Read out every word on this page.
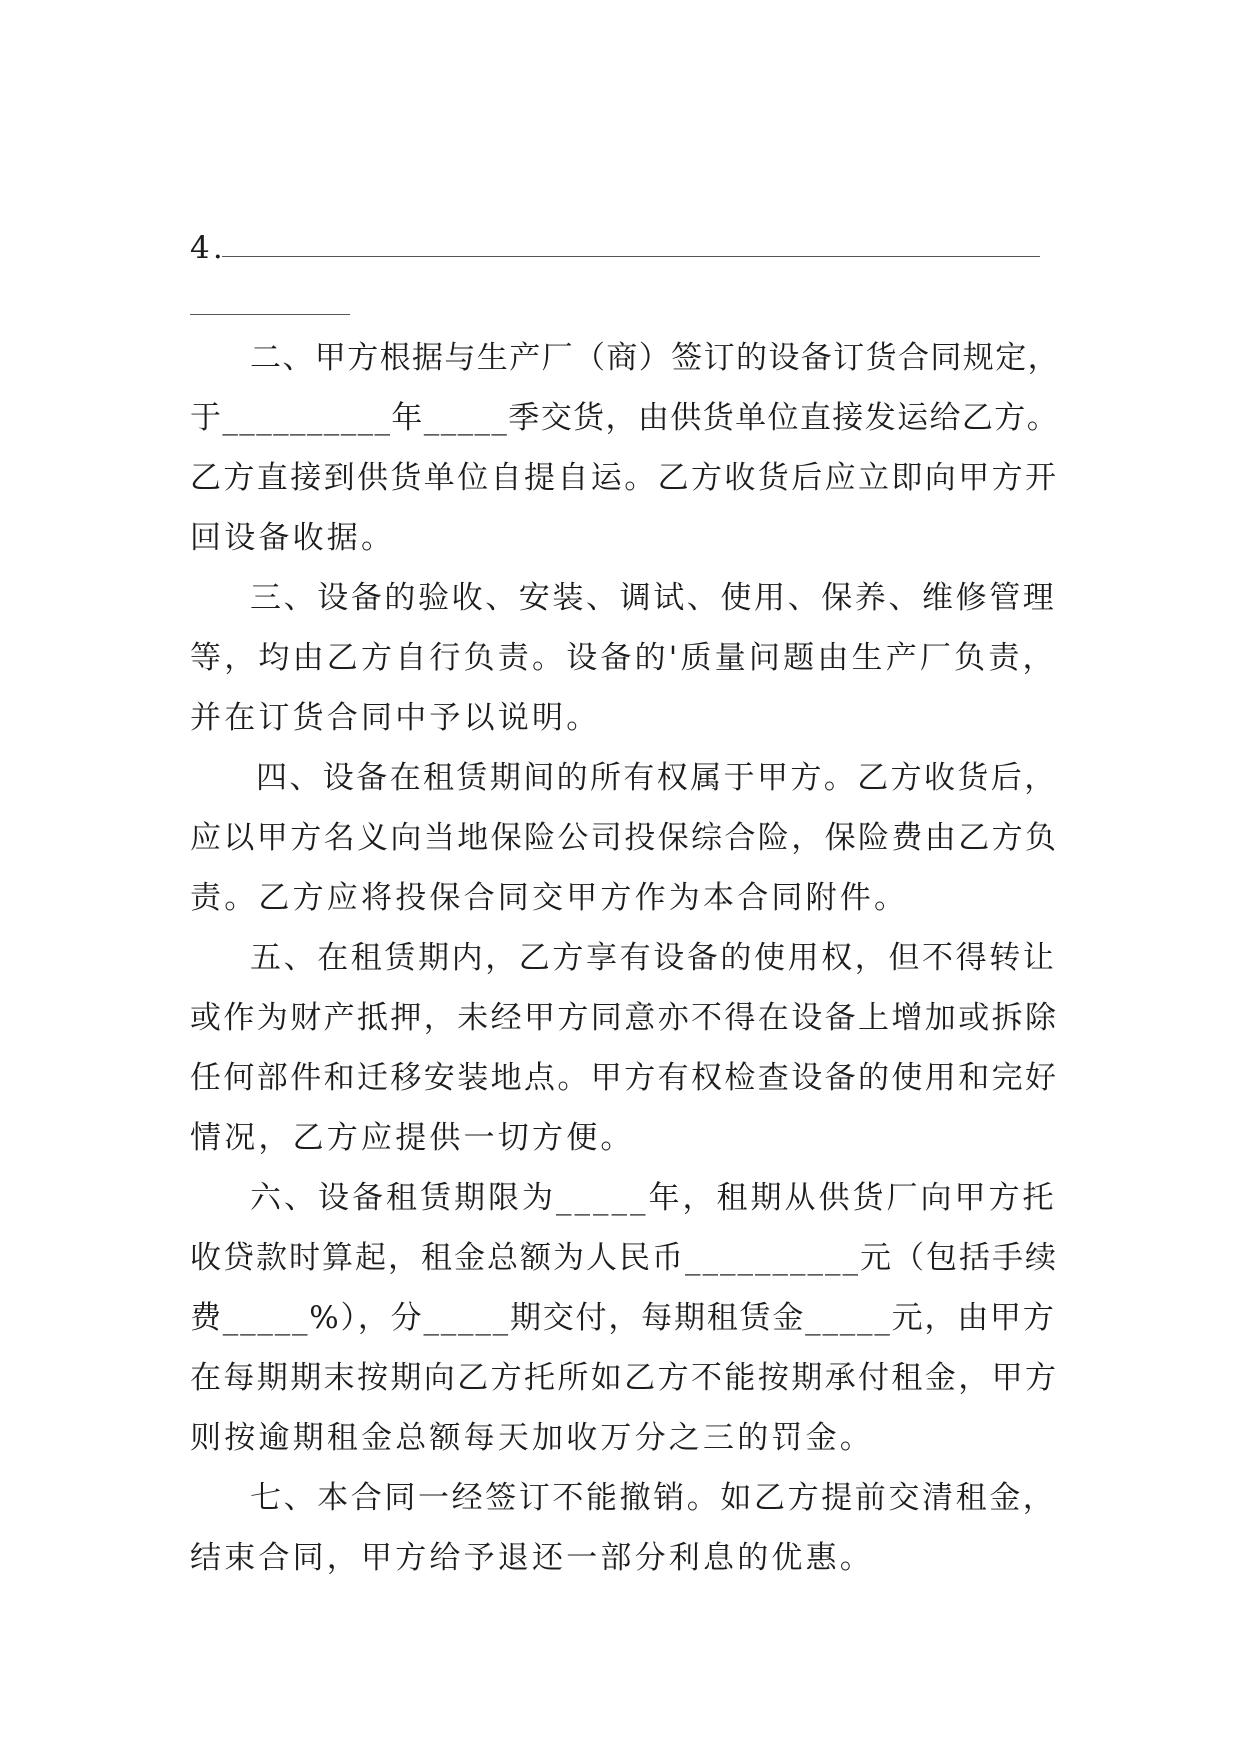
4.
二、甲方根据与生产厂（商）签订的设备订货合同规定，
于__________年_____季交货，由供货单位直接发运给乙方。
乙方直接到供货单位自提自运。乙方收货后应立即向甲方开
回设备收据。
三、设备的验收、安装、调试、使用、保养、维修管理
等，均由乙方自行负责。设备的'质量问题由生产厂负责，
并在订货合同中予以说明。
四、设备在租赁期间的所有权属于甲方。乙方收货后，
应以甲方名义向当地保险公司投保综合险，保险费由乙方负
责。乙方应将投保合同交甲方作为本合同附件。
五、在租赁期内，乙方享有设备的使用权，但不得转让
或作为财产抵押，未经甲方同意亦不得在设备上增加或拆除
任何部件和迁移安装地点。甲方有权检查设备的使用和完好
情况，乙方应提供一切方便。
六、设备租赁期限为_____年，租期从供货厂向甲方托
收贷款时算起，租金总额为人民币__________元（包括手续
费_____%），分_____期交付，每期租赁金_____元，由甲方
在每期期末按期向乙方托所如乙方不能按期承付租金，甲方
则按逾期租金总额每天加收万分之三的罚金。
七、本合同一经签订不能撤销。如乙方提前交清租金，
结束合同，甲方给予退还一部分利息的优惠。
